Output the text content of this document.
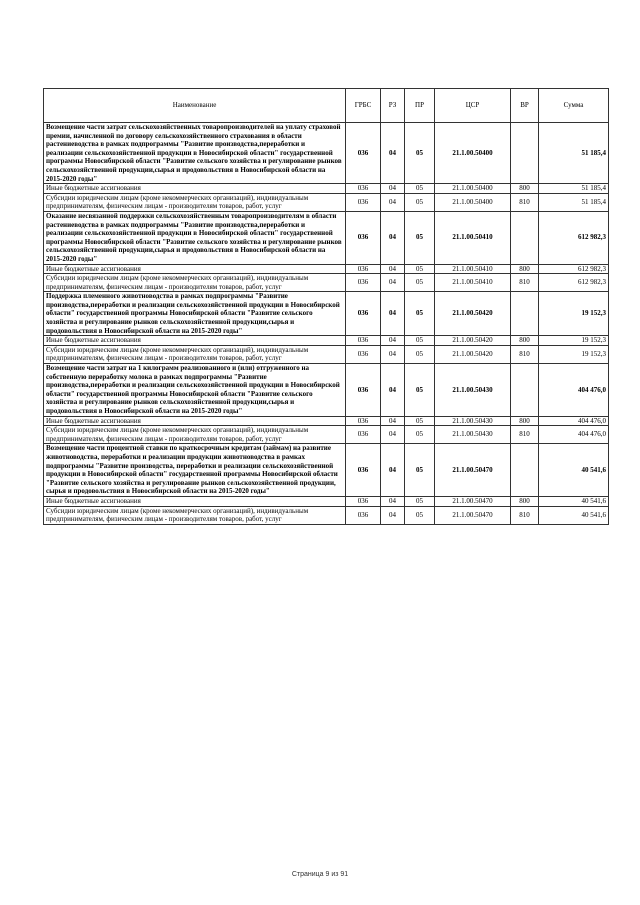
Наименование	ГРБС	РЗ	ПР	ЦСР	ВР	Сумма
Возмещение части затрат сельскохозяйственных товаропроизводителей на уплату страховой премии, начисленной по договору сельскохозяйственного страхования в области растениеводства в рамках подпрограммы "Развитие производства,переработки и реализации сельскохозяйственной продукции в Новосибирской области" государственной программы Новосибирской области "Развитие сельского хозяйства и регулирование рынков сельскохозяйственной продукции,сырья и продовольствия в Новосибирской области на 2015-2020 годы"	036	04	05	21.1.00.50400		51 185,4
Иные бюджетные ассигнования	036	04	05	21.1.00.50400	800	51 185,4
Субсидии юридическим лицам (кроме некоммерческих организаций), индивидуальным предпринимателям, физическим лицам - производителям товаров, работ, услуг	036	04	05	21.1.00.50400	810	51 185,4
Оказание несвязанной поддержки сельскохозяйственным товаропроизводителям в области растениеводства в рамках подпрограммы "Развитие производства,переработки и реализации сельскохозяйственной продукции в Новосибирской области" государственной программы Новосибирской области "Развитие сельского хозяйства и регулирование рынков сельскохозяйственной продукции,сырья и продовольствия в Новосибирской области на 2015-2020 годы"	036	04	05	21.1.00.50410		612 982,3
Иные бюджетные ассигнования	036	04	05	21.1.00.50410	800	612 982,3
Субсидии юридическим лицам (кроме некоммерческих организаций), индивидуальным предпринимателям, физическим лицам - производителям товаров, работ, услуг	036	04	05	21.1.00.50410	810	612 982,3
Поддержка племенного животноводства в рамках подпрограммы "Развитие производства,переработки и реализации сельскохозяйственной продукции в Новосибирской области" государственной программы Новосибирской области "Развитие сельского хозяйства и регулирование рынков сельскохозяйственной продукции,сырья и продовольствия в Новосибирской области на 2015-2020 годы"	036	04	05	21.1.00.50420		19 152,3
Иные бюджетные ассигнования	036	04	05	21.1.00.50420	800	19 152,3
Субсидии юридическим лицам (кроме некоммерческих организаций), индивидуальным предпринимателям, физическим лицам - производителям товаров, работ, услуг	036	04	05	21.1.00.50420	810	19 152,3
Возмещение части затрат на 1 килограмм реализованного и (или) отгруженного на собственную переработку молока в рамках подпрограммы "Развитие производства,переработки и реализации сельскохозяйственной продукции в Новосибирской области" государственной программы Новосибирской области "Развитие сельского хозяйства и регулирование рынков сельскохозяйственной продукции,сырья и продовольствия в Новосибирской области на 2015-2020 годы"	036	04	05	21.1.00.50430		404 476,0
Иные бюджетные ассигнования	036	04	05	21.1.00.50430	800	404 476,0
Субсидии юридическим лицам (кроме некоммерческих организаций), индивидуальным предпринимателям, физическим лицам - производителям товаров, работ, услуг	036	04	05	21.1.00.50430	810	404 476,0
Возмещение части процентной ставки по краткосрочным кредитам (займам) на развитие животноводства, переработки и реализации продукции животноводства в рамках подпрограммы "Развитие производства, переработки и реализации сельскохозяйственной продукции в Новосибирской области" государственной программы Новосибирской области "Развитие сельского хозяйства и регулирование рынков сельскохозяйственной продукции, сырья и продовольствия в Новосибирской области на 2015-2020 годы"	036	04	05	21.1.00.50470		40 541,6
Иные бюджетные ассигнования	036	04	05	21.1.00.50470	800	40 541,6
Субсидии юридическим лицам (кроме некоммерческих организаций), индивидуальным предпринимателям, физическим лицам - производителям товаров, работ, услуг	036	04	05	21.1.00.50470	810	40 541,6
Страница 9 из 91
